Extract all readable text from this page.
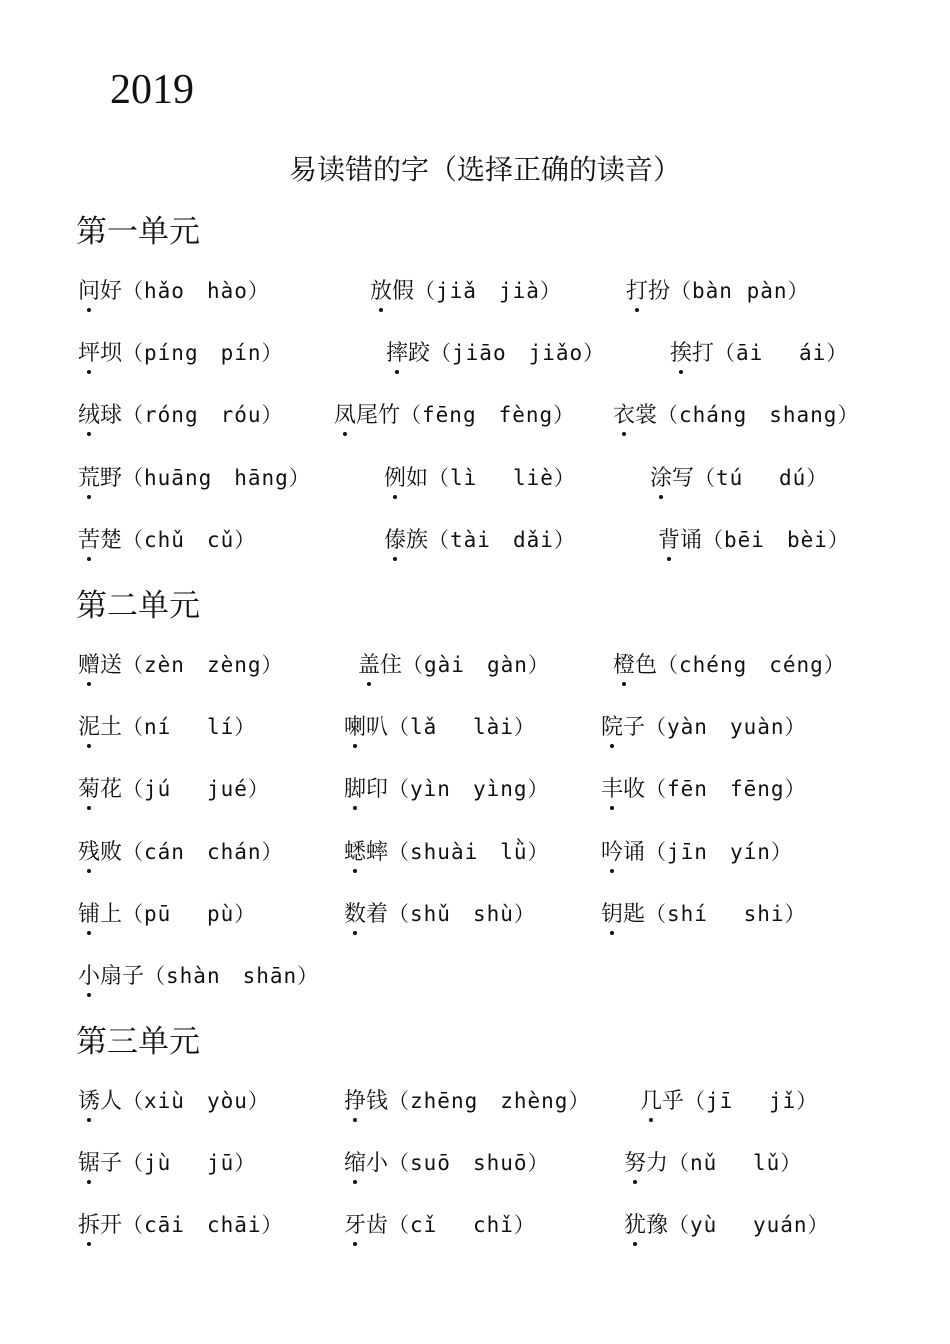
2019
易读错的字（选择正确的读音）
第一单元
问好（hǎo　hào）	放假（jiǎ　jià）	打扮（bàn pàn）
坪坝（píng　pín）	摔跤（jiāo　jiǎo）	挨打（āi　 ái）
绒球（róng　róu） 凤尾竹（fēng　fèng） 衣裳（cháng　shang）
荒野（huāng　hāng）	例如（lì　 liè）	涂写（tú　 dú）
苦楚（chǔ　cǔ）	傣族（tài　dǎi）	背诵（bēi　bèi）
第二单元
赠送（zèn　zèng）	盖住（gài　gàn）	橙色（chéng　céng）
泥土（ní　 lí）	喇叭（lǎ　 lài）	院子（yàn　yuàn）
菊花（jú　 jué）	脚印（yìn　yìng） 丰收（fēn　fēng）
残败（cán　chán）	蟋蟀（shuài　lǜ） 吟诵（jīn　yín）
铺上（pū　 pù）	数着（shǔ　shù）	钥匙（shí　 shi）
小扇子（shàn　shān）
第三单元
诱人（xiù　yòu）	挣钱（zhēng　zhèng） 几乎（jī　 jǐ）
锯子（jù　 jū）	缩小（suō　shuō）	努力（nǔ　 lǔ）
拆开（cāi　chāi）	牙齿（cǐ　 chǐ）	犹豫（yù　 yuán）
